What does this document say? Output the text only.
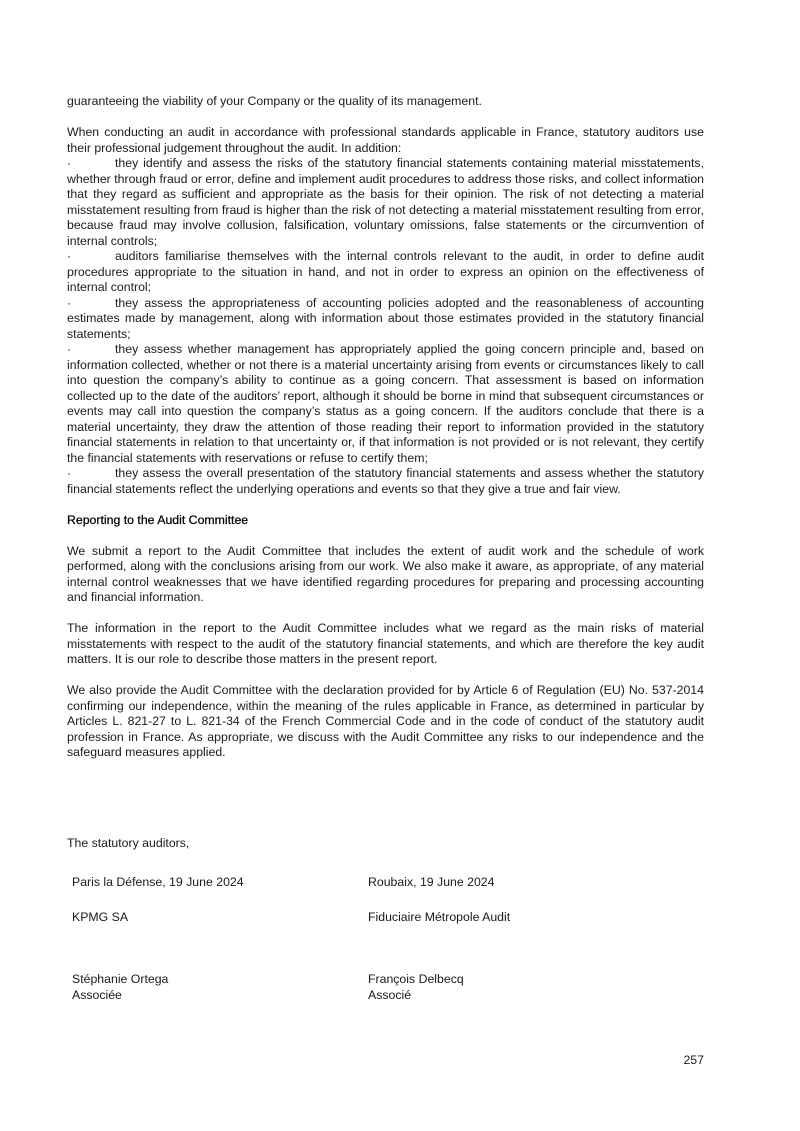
guaranteeing the viability of your Company or the quality of its management.

When conducting an audit in accordance with professional standards applicable in France, statutory auditors use their professional judgement throughout the audit. In addition:

·	they identify and assess the risks of the statutory financial statements containing material misstatements, whether through fraud or error, define and implement audit procedures to address those risks, and collect information that they regard as sufficient and appropriate as the basis for their opinion. The risk of not detecting a material misstatement resulting from fraud is higher than the risk of not detecting a material misstatement resulting from error, because fraud may involve collusion, falsification, voluntary omissions, false statements or the circumvention of internal controls;

·	auditors familiarise themselves with the internal controls relevant to the audit, in order to define audit procedures appropriate to the situation in hand, and not in order to express an opinion on the effectiveness of internal control;

·	they assess the appropriateness of accounting policies adopted and the reasonableness of accounting estimates made by management, along with information about those estimates provided in the statutory financial statements;

·	they assess whether management has appropriately applied the going concern principle and, based on information collected, whether or not there is a material uncertainty arising from events or circumstances likely to call into question the company’s ability to continue as a going concern. That assessment is based on information collected up to the date of the auditors’ report, although it should be borne in mind that subsequent circumstances or events may call into question the company’s status as a going concern. If the auditors conclude that there is a material uncertainty, they draw the attention of those reading their report to information provided in the statutory financial statements in relation to that uncertainty or, if that information is not provided or is not relevant, they certify the financial statements with reservations or refuse to certify them;

·	they assess the overall presentation of the statutory financial statements and assess whether the statutory financial statements reflect the underlying operations and events so that they give a true and fair view.

Reporting to the Audit Committee

We submit a report to the Audit Committee that includes the extent of audit work and the schedule of work performed, along with the conclusions arising from our work. We also make it aware, as appropriate, of any material internal control weaknesses that we have identified regarding procedures for preparing and processing accounting and financial information.

The information in the report to the Audit Committee includes what we regard as the main risks of material misstatements with respect to the audit of the statutory financial statements, and which are therefore the key audit matters. It is our role to describe those matters in the present report.

We also provide the Audit Committee with the declaration provided for by Article 6 of Regulation (EU) No. 537-2014 confirming our independence, within the meaning of the rules applicable in France, as determined in particular by Articles L. 821-27 to L. 821-34 of the French Commercial Code and in the code of conduct of the statutory audit profession in France. As appropriate, we discuss with the Audit Committee any risks to our independence and the safeguard measures applied.

The statutory auditors,
Paris la Défense, 19 June 2024	Roubaix, 19 June 2024
KPMG SA	Fiduciaire Métropole Audit
Stéphanie Ortega	François Delbecq
Associée	Associé
257
